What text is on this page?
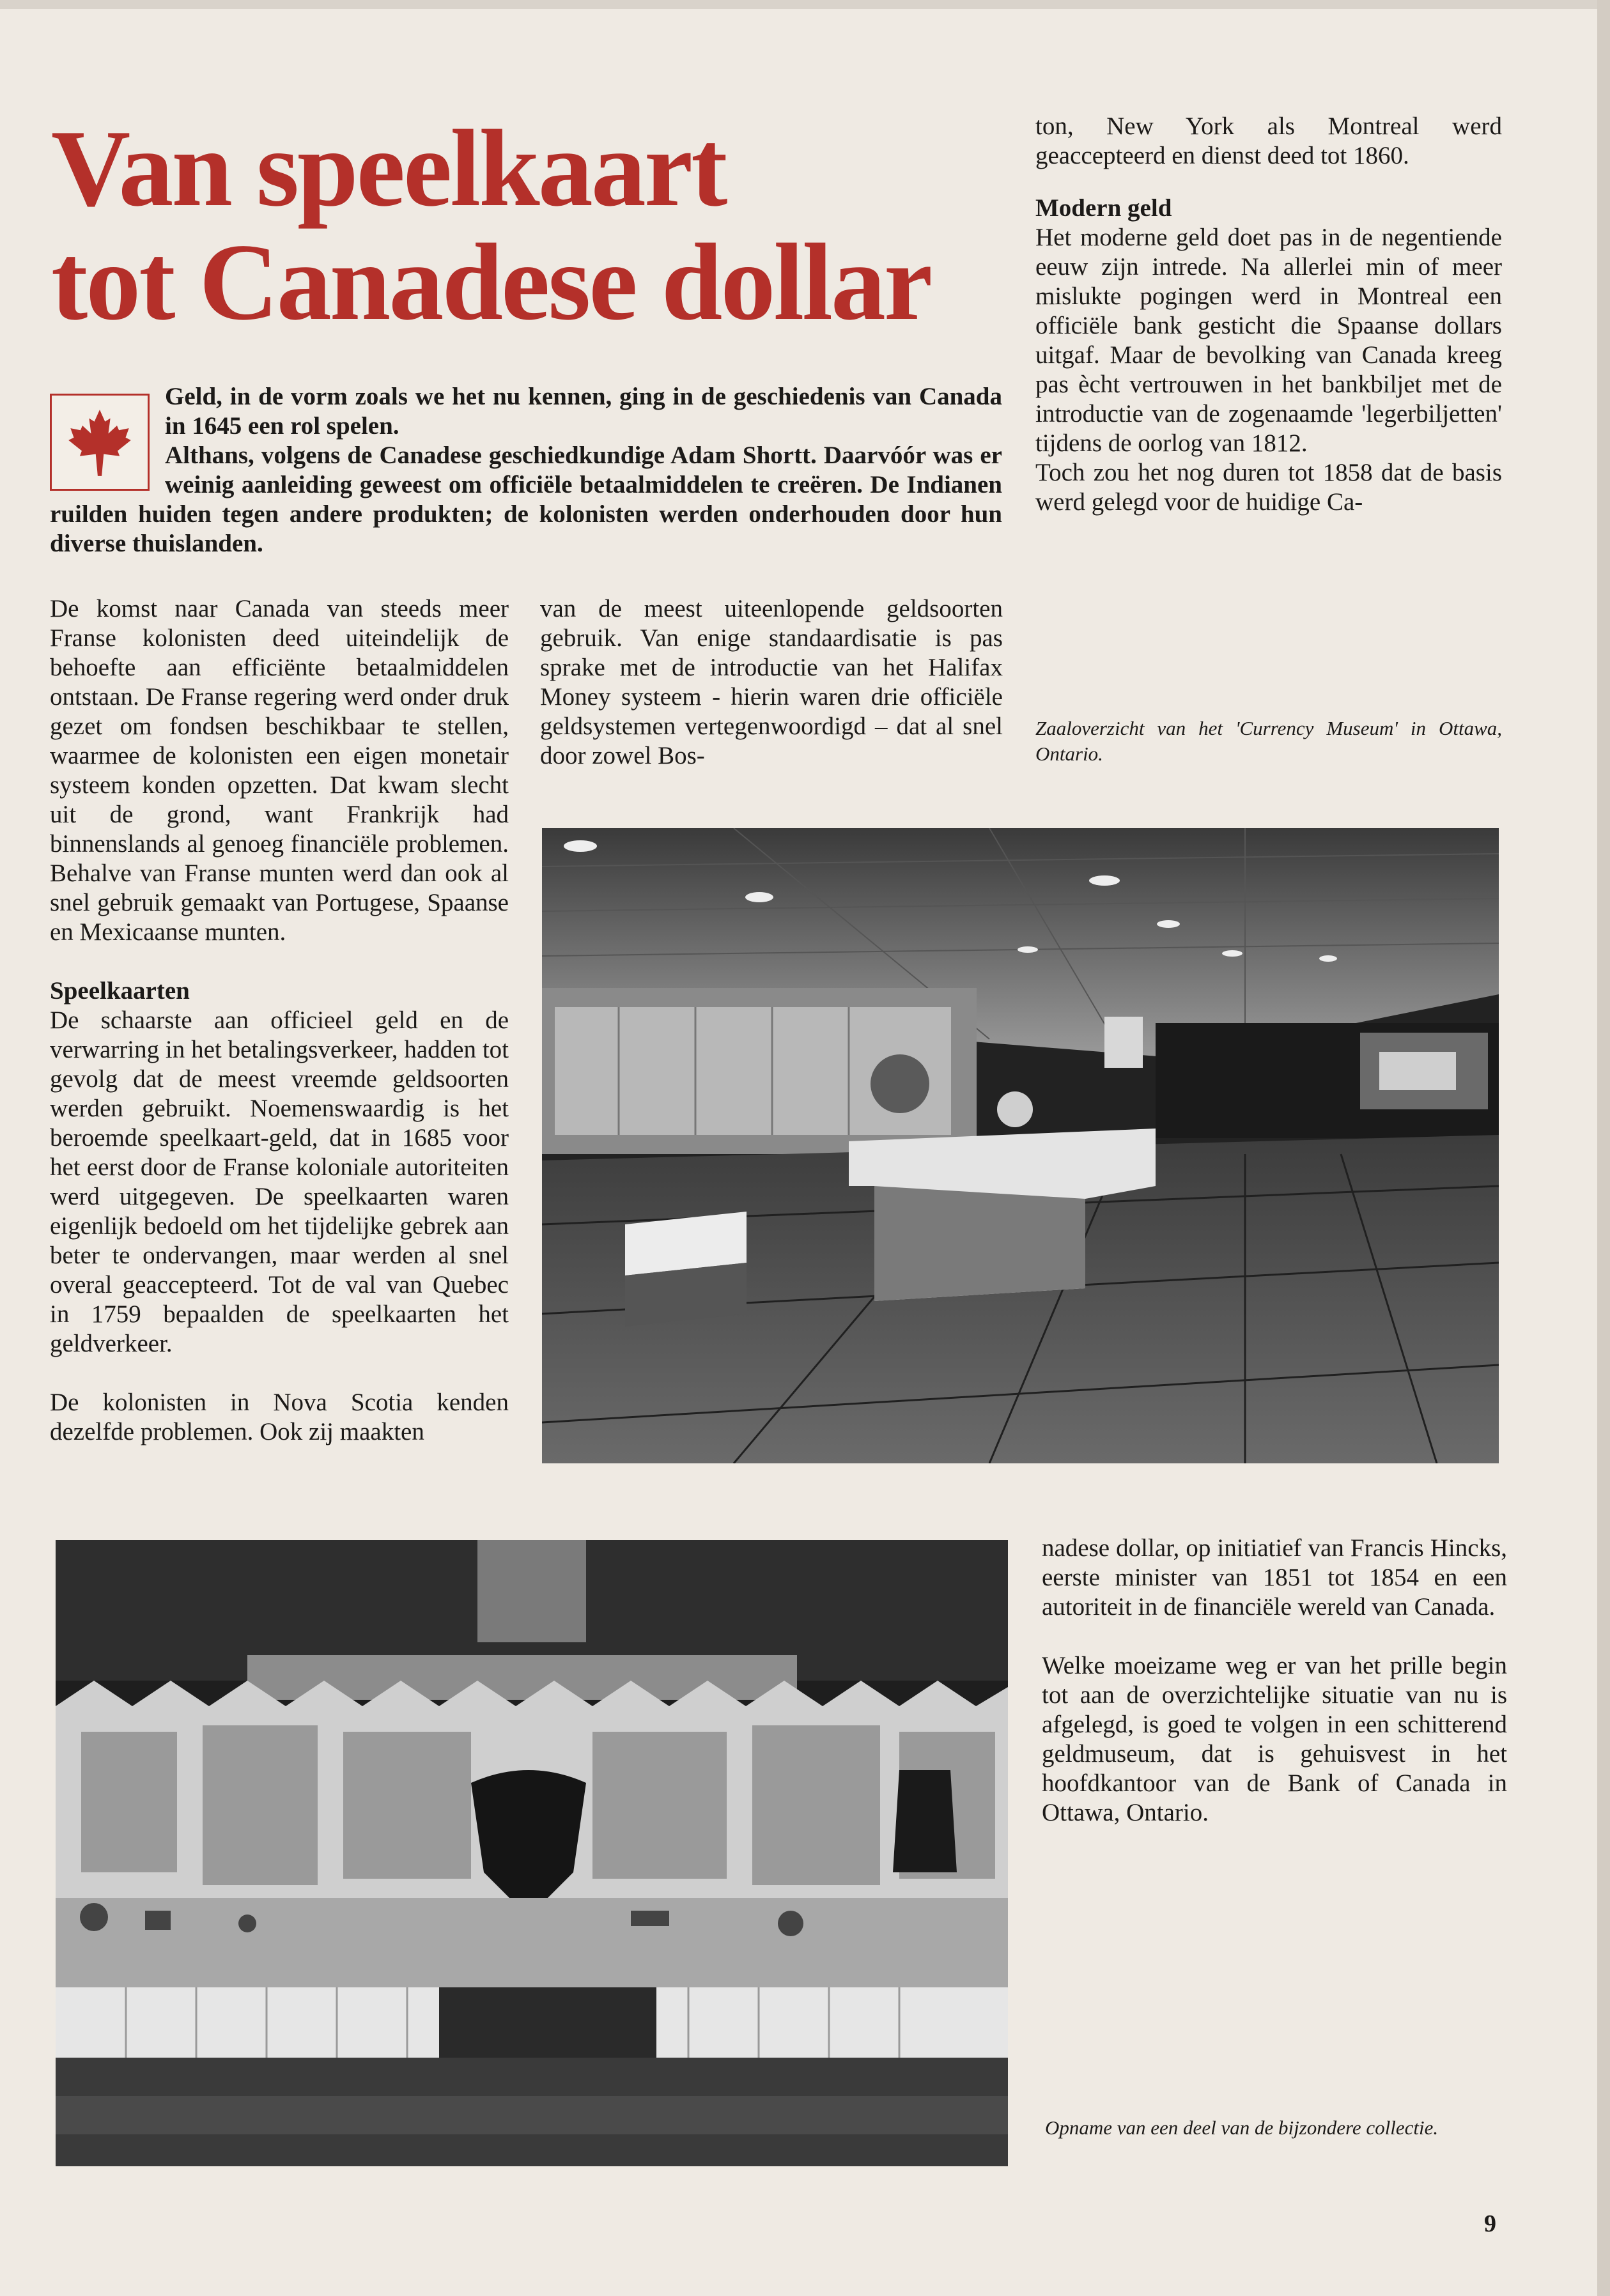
Van speelkaart
tot Canadese dollar

Geld, in de vorm zoals we het nu kennen, ging in de geschiedenis van Canada in 1645 een rol spelen.

Althans, volgens de Canadese geschiedkundige Adam Shortt. Daarvóór was er weinig aanleiding geweest om officiële betaalmiddelen te creëren. De Indianen ruilden huiden tegen andere produkten; de kolonisten werden onderhouden door hun diverse thuislanden.

De komst naar Canada van steeds meer Franse kolonisten deed uiteindelijk de behoefte aan efficiënte betaalmiddelen ontstaan. De Franse regering werd onder druk gezet om fondsen beschikbaar te stellen, waarmee de kolonisten een eigen monetair systeem konden opzetten. Dat kwam slecht uit de grond, want Frankrijk had binnenslands al genoeg financiële problemen. Behalve van Franse munten werd dan ook al snel gebruik gemaakt van Portugese, Spaanse en Mexicaanse munten.

Speelkaarten

De schaarste aan officieel geld en de verwarring in het betalingsverkeer, hadden tot gevolg dat de meest vreemde geldsoorten werden gebruikt. Noemenswaardig is het beroemde speelkaart-geld, dat in 1685 voor het eerst door de Franse koloniale autoriteiten werd uitgegeven. De speelkaarten waren eigenlijk bedoeld om het tijdelijke gebrek aan beter te ondervangen, maar werden al snel overal geaccepteerd. Tot de val van Quebec in 1759 bepaalden de speelkaarten het geldverkeer.

De kolonisten in Nova Scotia kenden dezelfde problemen. Ook zij maakten

van de meest uiteenlopende geldsoorten gebruik. Van enige standaardisatie is pas sprake met de introductie van het Halifax Money systeem - hierin waren drie officiële geldsystemen vertegenwoordigd – dat al snel door zowel Bos-

ton, New York als Montreal werd geaccepteerd en dienst deed tot 1860.

Modern geld

Het moderne geld doet pas in de negentiende eeuw zijn intrede. Na allerlei min of meer mislukte pogingen werd in Montreal een officiële bank gesticht die Spaanse dollars uitgaf. Maar de bevolking van Canada kreeg pas ècht vertrouwen in het bankbiljet met de introductie van de zogenaamde 'legerbiljetten' tijdens de oorlog van 1812.

Toch zou het nog duren tot 1858 dat de basis werd gelegd voor de huidige Ca-

Zaaloverzicht van het 'Currency Museum' in Ottawa, Ontario.

nadese dollar, op initiatief van Francis Hincks, eerste minister van 1851 tot 1854 en een autoriteit in de financiële wereld van Canada.

Welke moeizame weg er van het prille begin tot aan de overzichtelijke situatie van nu is afgelegd, is goed te volgen in een schitterend geldmuseum, dat is gehuisvest in het hoofdkantoor van de Bank of Canada in Ottawa, Ontario.

Opname van een deel van de bijzondere collectie.

9
